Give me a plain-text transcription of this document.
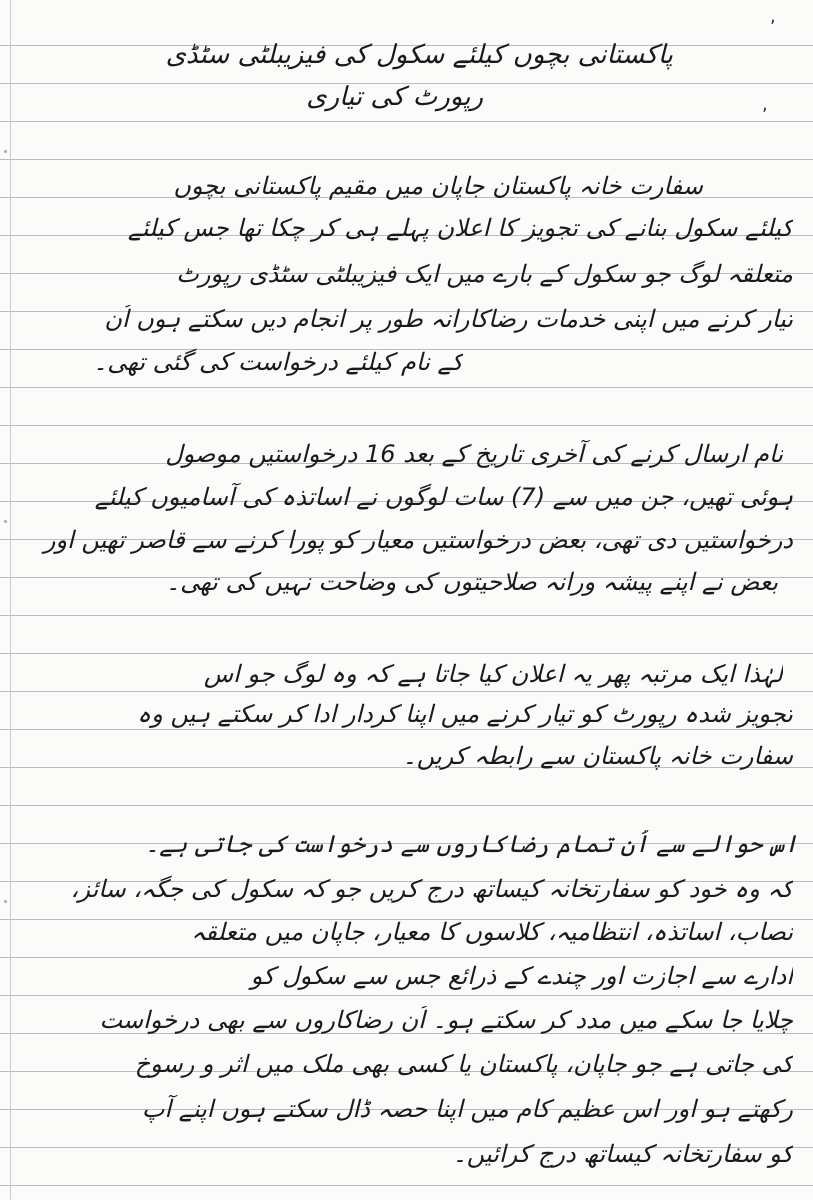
پاکستانی بچوں کیلئے سکول کی فیزیبلٹی سٹڈی
رپورٹ کی تیاری
,
,
سفارت خانہ پاکستان جاپان میں مقیم پاکستانی بچوں
کیلئے سکول بنانے کی تجویز کا اعلان پہلے ہی کر چکا تھا جس کیلئے
متعلقہ لوگ جو سکول کے بارے میں ایک فیزیبلٹی سٹڈی رپورٹ
تیار کرنے میں اپنی خدمات رضاکارانہ طور پر انجام دیں سکتے ہوں اُن
کے نام کیلئے درخواست کی گئی تھی۔
نام ارسال کرنے کی آخری تاریخ کے بعد 16 درخواستیں موصول
ہوئی تھیں، جن میں سے (7) سات لوگوں نے اساتذہ کی آسامیوں کیلئے
درخواستیں دی تھی، بعض درخواستیں معیار کو پورا کرنے سے قاصر تھیں اور
بعض نے اپنے پیشہ ورانہ صلاحیتوں کی وضاحت نہیں کی تھی۔
لہٰذا ایک مرتبہ پھر یہ اعلان کیا جاتا ہے کہ وہ لوگ جو اس
تجویز شدہ رپورٹ کو تیار کرنے میں اپنا کردار ادا کر سکتے ہیں وہ
سفارت خانہ پاکستان سے رابطہ کریں۔
اس حوالے سے اُن تمام رضاکاروں سے درخواست کی جاتی ہے۔
کہ وہ خود کو سفارتخانہ کیساتھ درج کریں جو کہ سکول کی جگہ، سائز،
نصاب، اساتذہ، انتظامیہ، کلاسوں کا معیار، جاپان میں متعلقہ
ادارے سے اجازت اور چندے کے ذرائع جس سے سکول کو
چلایا جا سکے میں مدد کر سکتے ہو۔ اُن رضاکاروں سے بھی درخواست
کی جاتی ہے جو جاپان، پاکستان یا کسی بھی ملک میں اثر و رسوخ
رکھتے ہو اور اس عظیم کام میں اپنا حصہ ڈال سکتے ہوں اپنے آپ
کو سفارتخانہ کیساتھ درج کرائیں۔
